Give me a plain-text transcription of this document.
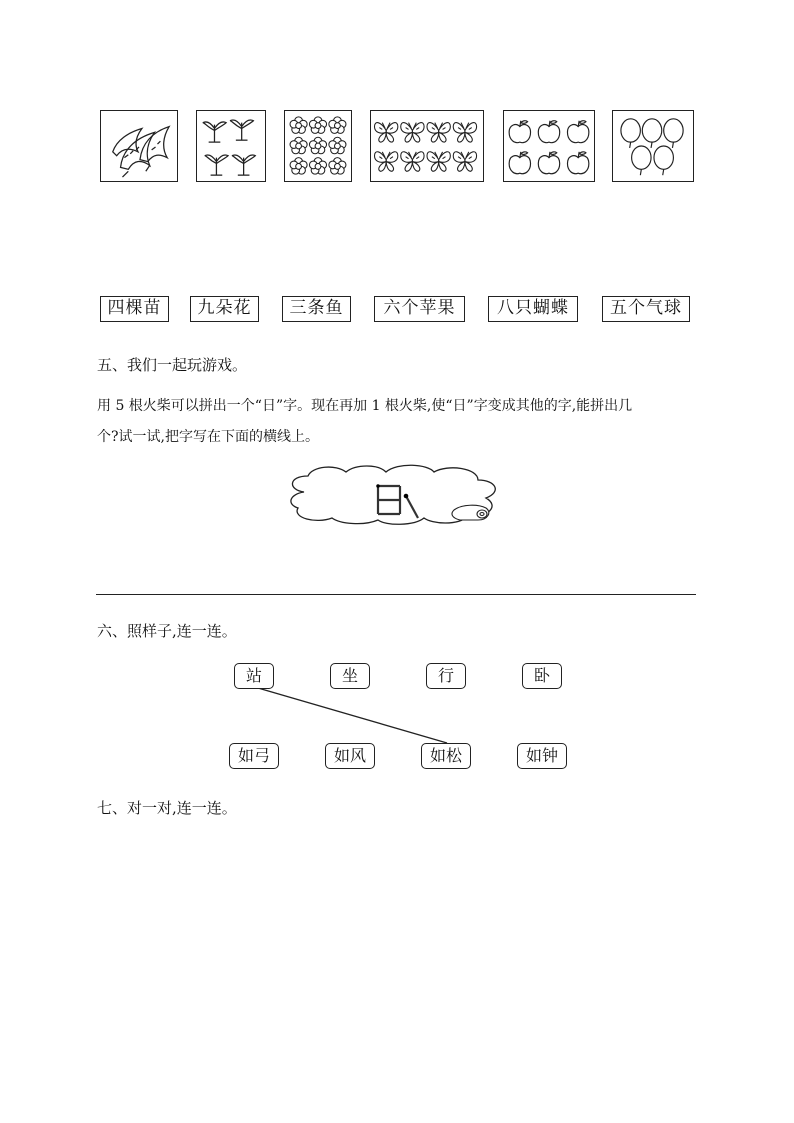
四棵苗	九朵花	三条鱼	六个苹果	八只蝴蝶	五个气球
五、我们一起玩游戏。
用 5 根火柴可以拼出一个“日”字。现在再加 1 根火柴,使“日”字变成其他的字,能拼出几
个?试一试,把字写在下面的横线上。
六、照样子,连一连。
站	坐	行	卧
如弓	如风	如松	如钟
七、对一对,连一连。
